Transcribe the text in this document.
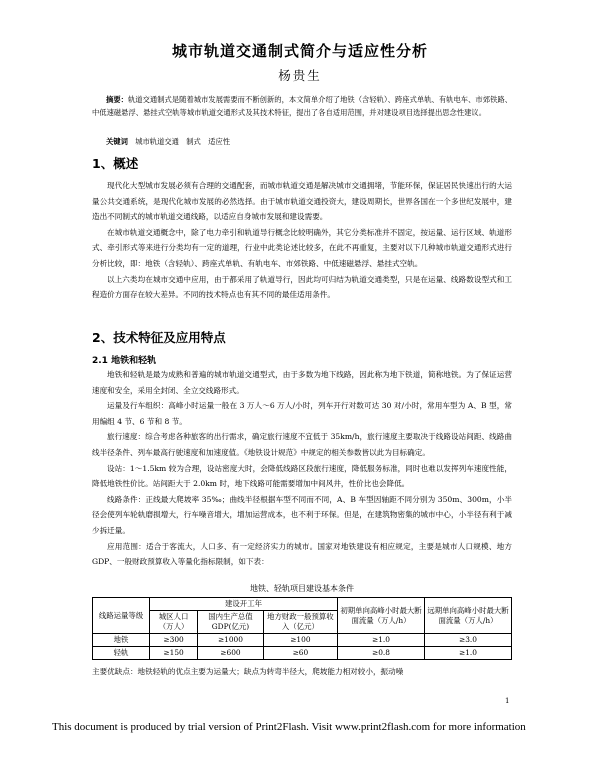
城市轨道交通制式简介与适应性分析
杨贵生
摘要：轨道交通制式是随着城市发展需要而不断创新的，本文简单介绍了地铁（含轻轨）、跨座式单轨、有轨电车、市郊铁路、中低速磁悬浮、悬挂式空轨等城市轨道交通形式及其技术特征，提出了各自适用范围，并对建设项目选择提出思念性建议。
关键词　 城市轨道交通　制式　适应性
1、概述

现代化大型城市发展必须有合理的交通配套，而城市轨道交通是解决城市交通拥堵，节能环保，保证居民快速出行的大运量公共交通系统，是现代化城市发展的必然选择。由于城市轨道交通投资大，建设周期长，世界各国在一个多世纪发展中，建造出不同制式的城市轨道交通线路，以适应自身城市发展和建设需要。

在城市轨道交通概念中，除了电力牵引和轨道导行概念比较明确外，其它分类标准并不固定，按运量、运行区域、轨道形式、牵引形式等来进行分类均有一定的道理，行业中此类论述比较多，在此不再重复，主要对以下几种城市轨道交通形式进行分析比较，即：地铁（含轻轨）、跨座式单轨、有轨电车、市郊铁路、中低速磁悬浮、悬挂式空轨。

以上六类均在城市交通中应用，由于都采用了轨道导行，因此均可归结为轨道交通类型，只是在运量、线路数设型式和工程造价方面存在较大差异。不同的技术特点也有其不同的最佳适用条件。

2、技术特征及应用特点
2.1 地铁和轻轨

地铁和轻轨是最为成熟和普遍的城市轨道交通型式，由于多数为地下线路，因此称为地下铁道，简称地铁。为了保证运营速度和安全，采用全封闭、全立交线路形式。

运量及行车组织：高峰小时运量一般在 3 万人～6 万人/小时，列车开行对数可达 30 对/小时，常用车型为 A、B 型，常用编组 4 节、6 节和 8 节。

旅行速度：综合考虑各种旅客的出行需求，确定旅行速度不宜低于 35km/h，旅行速度主要取决于线路设站间距、线路曲线半径条件、列车最高行驶速度和加速度值。《地铁设计规范》中规定的相关参数皆以此为目标确定。

设站：1～1.5km 较为合理，设站密度大时，会降低线路区段旅行速度，降低服务标准，同时也难以发挥列车速度性能，降低地铁性价比。站间距大于 2.0km 时，地下线路可能需要增加中间风井，性价比也会降低。

线路条件：正线最大爬坡率 35‰；曲线半径根据车型不同而不同，A、B 车型因轴距不同分别为 350m、300m，小半径会使列车轮轨磨损增大，行车噪音增大，增加运营成本，也不利于环保。但是，在建筑物密集的城市中心，小半径有利于减少拆迁量。

应用范围：适合于客流大，人口多、有一定经济实力的城市。国家对地铁建设有相应规定，主要是城市人口规模、地方 GDP、一般财政预算收入等量化指标限制，如下表：

地铁、轻轨项目建设基本条件
线路运量等级	建设开工年			初期单向高峰小时最大断面流量（万人/h）	远期单向高峰小时最大断面流量（万人/h）
	城区人口（万人）	国内生产总值 GDP(亿元)	地方财政一般预算收入（亿元）		
地铁	≥300	≥1000	≥100	≥1.0	≥3.0
轻轨	≥150	≥600	≥60	≥0.8	≥1.0

主要优缺点：地铁轻轨的优点主要为运量大；缺点为转弯半径大，爬坡能力相对较小，振动噪

1
This document is produced by trial version of Print2Flash. Visit www.print2flash.com for more information
